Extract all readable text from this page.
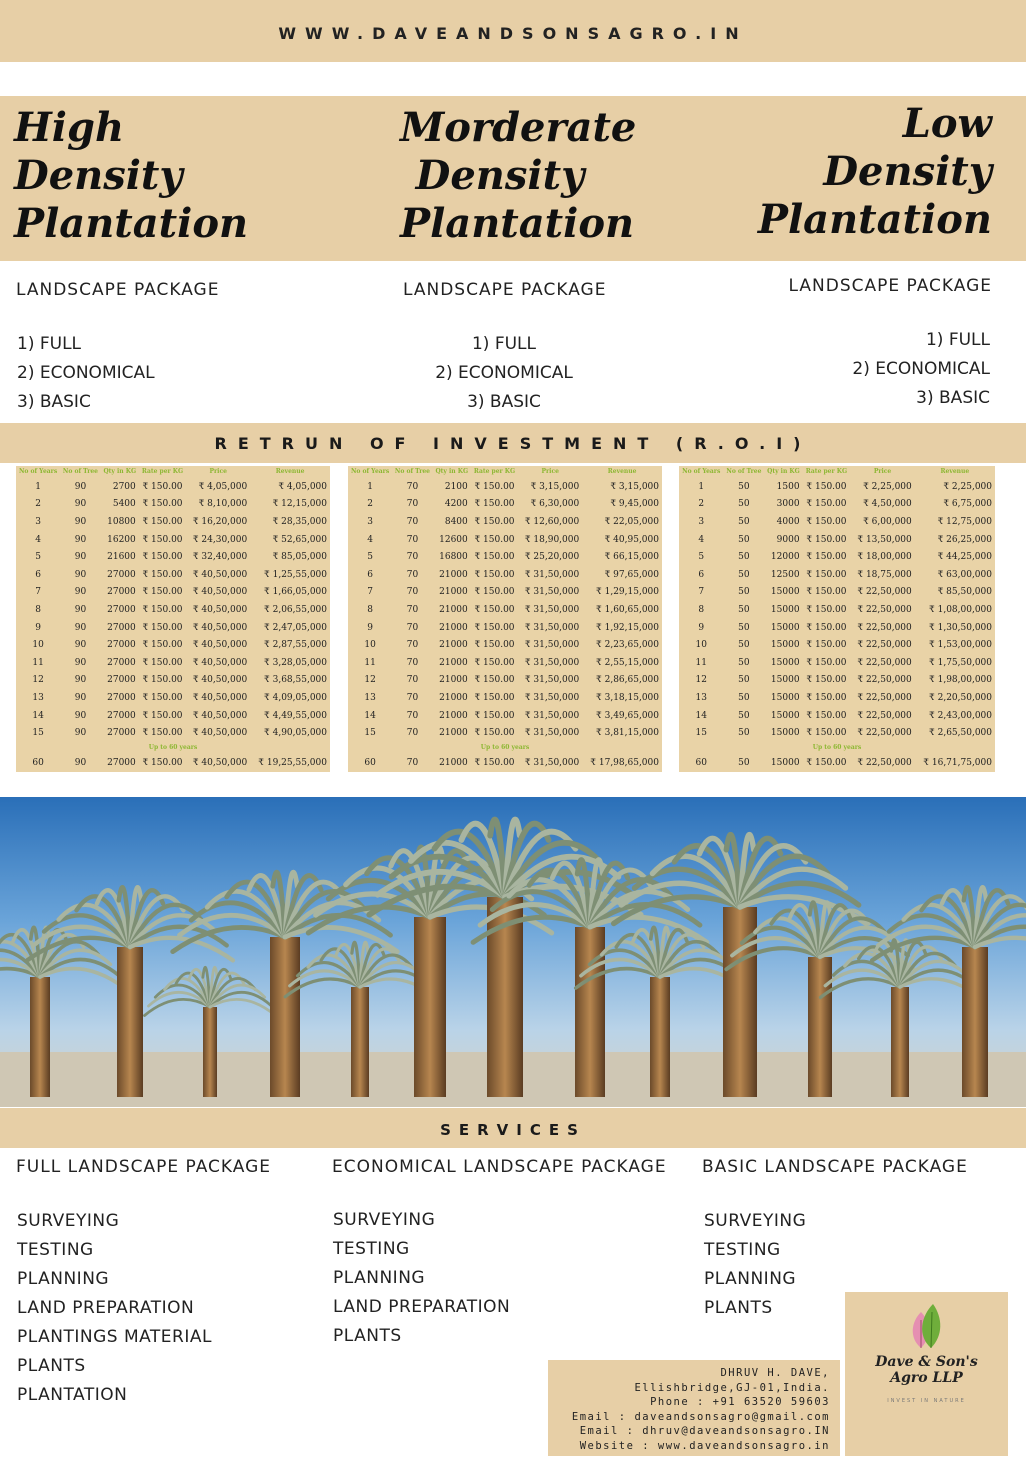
WWW.DAVEANDSONSAGRO.IN
High
Density
Plantation
Morderate
Density
Plantation
Low
Density
Plantation
LANDSCAPE PACKAGE	LANDSCAPE PACKAGE	LANDSCAPE PACKAGE
1) FULL
2) ECONOMICAL
3) BASIC
1) FULL
2) ECONOMICAL
3) BASIC
1) FULL
2) ECONOMICAL
3) BASIC
RETRUN OF INVESTMENT (R.O.I)
No of Years	No of Tree	Qty in KG	Rate per KG	Price	Revenue
1	90	2700	₹ 150.00	₹ 4,05,000	₹ 4,05,000
2	90	5400	₹ 150.00	₹ 8,10,000	₹ 12,15,000
3	90	10800	₹ 150.00	₹ 16,20,000	₹ 28,35,000
4	90	16200	₹ 150.00	₹ 24,30,000	₹ 52,65,000
5	90	21600	₹ 150.00	₹ 32,40,000	₹ 85,05,000
6	90	27000	₹ 150.00	₹ 40,50,000	₹ 1,25,55,000
7	90	27000	₹ 150.00	₹ 40,50,000	₹ 1,66,05,000
8	90	27000	₹ 150.00	₹ 40,50,000	₹ 2,06,55,000
9	90	27000	₹ 150.00	₹ 40,50,000	₹ 2,47,05,000
10	90	27000	₹ 150.00	₹ 40,50,000	₹ 2,87,55,000
11	90	27000	₹ 150.00	₹ 40,50,000	₹ 3,28,05,000
12	90	27000	₹ 150.00	₹ 40,50,000	₹ 3,68,55,000
13	90	27000	₹ 150.00	₹ 40,50,000	₹ 4,09,05,000
14	90	27000	₹ 150.00	₹ 40,50,000	₹ 4,49,55,000
15	90	27000	₹ 150.00	₹ 40,50,000	₹ 4,90,05,000
Up to 60 years					
60	90	27000	₹ 150.00	₹ 40,50,000	₹ 19,25,55,000
No of Years	No of Tree	Qty in KG	Rate per KG	Price	Revenue
1	70	2100	₹ 150.00	₹ 3,15,000	₹ 3,15,000
2	70	4200	₹ 150.00	₹ 6,30,000	₹ 9,45,000
3	70	8400	₹ 150.00	₹ 12,60,000	₹ 22,05,000
4	70	12600	₹ 150.00	₹ 18,90,000	₹ 40,95,000
5	70	16800	₹ 150.00	₹ 25,20,000	₹ 66,15,000
6	70	21000	₹ 150.00	₹ 31,50,000	₹ 97,65,000
7	70	21000	₹ 150.00	₹ 31,50,000	₹ 1,29,15,000
8	70	21000	₹ 150.00	₹ 31,50,000	₹ 1,60,65,000
9	70	21000	₹ 150.00	₹ 31,50,000	₹ 1,92,15,000
10	70	21000	₹ 150.00	₹ 31,50,000	₹ 2,23,65,000
11	70	21000	₹ 150.00	₹ 31,50,000	₹ 2,55,15,000
12	70	21000	₹ 150.00	₹ 31,50,000	₹ 2,86,65,000
13	70	21000	₹ 150.00	₹ 31,50,000	₹ 3,18,15,000
14	70	21000	₹ 150.00	₹ 31,50,000	₹ 3,49,65,000
15	70	21000	₹ 150.00	₹ 31,50,000	₹ 3,81,15,000
Up to 60 years					
60	70	21000	₹ 150.00	₹ 31,50,000	₹ 17,98,65,000
No of Years	No of Tree	Qty in KG	Rate per KG	Price	Revenue
1	50	1500	₹ 150.00	₹ 2,25,000	₹ 2,25,000
2	50	3000	₹ 150.00	₹ 4,50,000	₹ 6,75,000
3	50	4000	₹ 150.00	₹ 6,00,000	₹ 12,75,000
4	50	9000	₹ 150.00	₹ 13,50,000	₹ 26,25,000
5	50	12000	₹ 150.00	₹ 18,00,000	₹ 44,25,000
6	50	12500	₹ 150.00	₹ 18,75,000	₹ 63,00,000
7	50	15000	₹ 150.00	₹ 22,50,000	₹ 85,50,000
8	50	15000	₹ 150.00	₹ 22,50,000	₹ 1,08,00,000
9	50	15000	₹ 150.00	₹ 22,50,000	₹ 1,30,50,000
10	50	15000	₹ 150.00	₹ 22,50,000	₹ 1,53,00,000
11	50	15000	₹ 150.00	₹ 22,50,000	₹ 1,75,50,000
12	50	15000	₹ 150.00	₹ 22,50,000	₹ 1,98,00,000
13	50	15000	₹ 150.00	₹ 22,50,000	₹ 2,20,50,000
14	50	15000	₹ 150.00	₹ 22,50,000	₹ 2,43,00,000
15	50	15000	₹ 150.00	₹ 22,50,000	₹ 2,65,50,000
Up to 60 years					
60	50	15000	₹ 150.00	₹ 22,50,000	₹ 16,71,75,000
SERVICES
FULL LANDSCAPE PACKAGE	ECONOMICAL LANDSCAPE PACKAGE BASIC LANDSCAPE PACKAGE
SURVEYING
TESTING
PLANNING
LAND PREPARATION
PLANTINGS MATERIAL
PLANTS
PLANTATION
SURVEYING
TESTING
PLANNING
LAND PREPARATION
PLANTS
SURVEYING
TESTING
PLANNING
PLANTS
DHRUV H. DAVE,
Ellishbridge,GJ-01,India.
Phone : +91 63520 59603
Email : daveandsonsagro@gmail.com
Email : dhruv@daveandsonsagro.IN
Website : www.daveandsonsagro.in
Dave & Son's
Agro LLP
INVEST IN NATURE
